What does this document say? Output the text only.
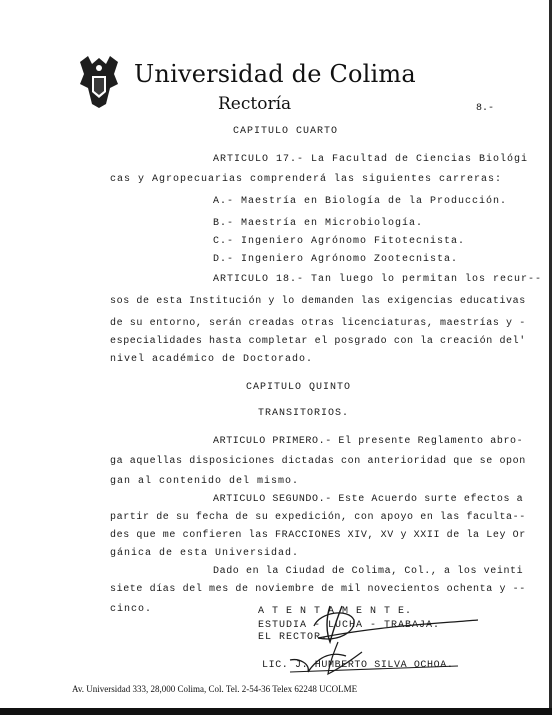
Universidad de Colima
Rectoría	8.-
CAPITULO CUARTO
ARTICULO 17.- La Facultad de Ciencias Biológi
cas y Agropecuarias comprenderá las siguientes carreras:
A.- Maestría en Biología de la Producción.
B.- Maestría en Microbiología.
C.- Ingeniero Agrónomo Fitotecnista.
D.- Ingeniero Agrónomo Zootecnista.
ARTICULO 18.- Tan luego lo permitan los recur--
sos de esta Institución y lo demanden las exigencias educativas
de su entorno, serán creadas otras licenciaturas, maestrías y -
especialidades hasta completar el posgrado con la creación del'
nivel académico de Doctorado.
CAPITULO QUINTO
TRANSITORIOS.
ARTICULO PRIMERO.- El presente Reglamento abro-
ga aquellas disposiciones dictadas con anterioridad que se opon
gan al contenido del mismo.
ARTICULO SEGUNDO.- Este Acuerdo surte efectos a
partir de su fecha de su expedición, con apoyo en las faculta--
des que me confieren las FRACCIONES XIV, XV y XXII de la Ley Or
gánica de esta Universidad.
Dado en la Ciudad de Colima, Col., a los veinti
siete días del mes de noviembre de mil novecientos ochenta y --
cinco.	A T E N T A M E N T E.
ESTUDIA - LUCHA - TRABAJA.
EL RECTOR.
LIC. J. HUMBERTO SILVA OCHOA.
Av. Universidad 333, 28,000 Colima, Col. Tel. 2-54-36 Telex 62248 UCOLME
